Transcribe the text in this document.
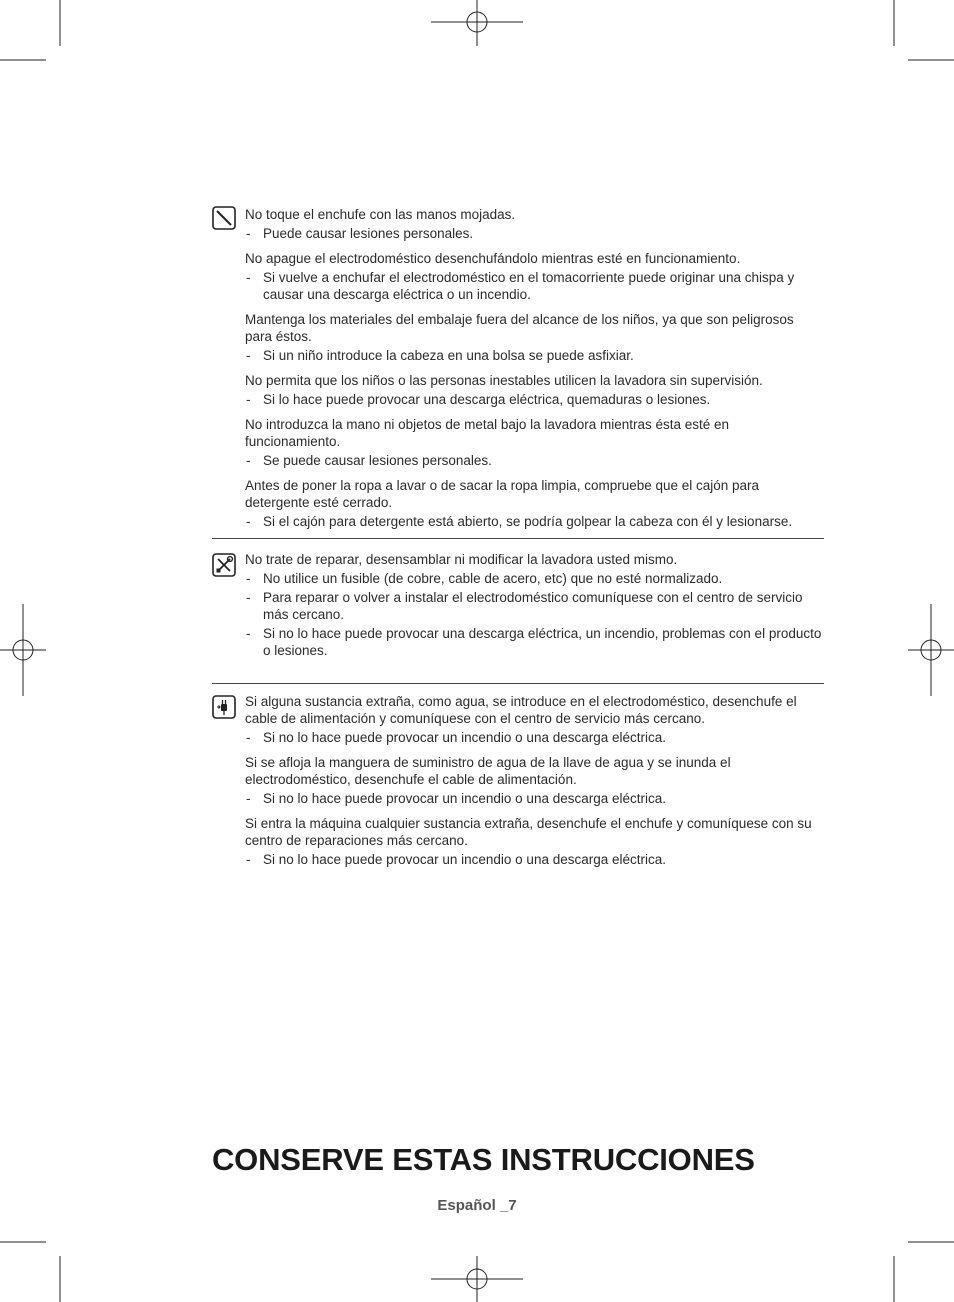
No toque el enchufe con las manos mojadas.

- Puede causar lesiones personales.

No apague el electrodoméstico desenchufándolo mientras esté en funcionamiento.

- Si vuelve a enchufar el electrodoméstico en el tomacorriente puede originar una chispa y causar una descarga eléctrica o un incendio.

Mantenga los materiales del embalaje fuera del alcance de los niños, ya que son peligrosos para éstos.

- Si un niño introduce la cabeza en una bolsa se puede asfixiar.

No permita que los niños o las personas inestables utilicen la lavadora sin supervisión.

- Si lo hace puede provocar una descarga eléctrica, quemaduras o lesiones.

No introduzca la mano ni objetos de metal bajo la lavadora mientras ésta esté en funcionamiento.

- Se puede causar lesiones personales.

Antes de poner la ropa a lavar o de sacar la ropa limpia, compruebe que el cajón para detergente esté cerrado.

- Si el cajón para detergente está abierto, se podría golpear la cabeza con él y lesionarse.

No trate de reparar, desensamblar ni modificar la lavadora usted mismo.

- No utilice un fusible (de cobre, cable de acero, etc) que no esté normalizado.
- Para reparar o volver a instalar el electrodoméstico comuníquese con el centro de servicio más cercano.
- Si no lo hace puede provocar una descarga eléctrica, un incendio, problemas con el producto o lesiones.

Si alguna sustancia extraña, como agua, se introduce en el electrodoméstico, desenchufe el cable de alimentación y comuníquese con el centro de servicio más cercano.

- Si no lo hace puede provocar un incendio o una descarga eléctrica.

Si se afloja la manguera de suministro de agua de la llave de agua y se inunda el electrodoméstico, desenchufe el cable de alimentación.

- Si no lo hace puede provocar un incendio o una descarga eléctrica.

Si entra la máquina cualquier sustancia extraña, desenchufe el enchufe y comuníquese con su centro de reparaciones más cercano.

- Si no lo hace puede provocar un incendio o una descarga eléctrica.
CONSERVE ESTAS INSTRUCCIONES
Español _7
